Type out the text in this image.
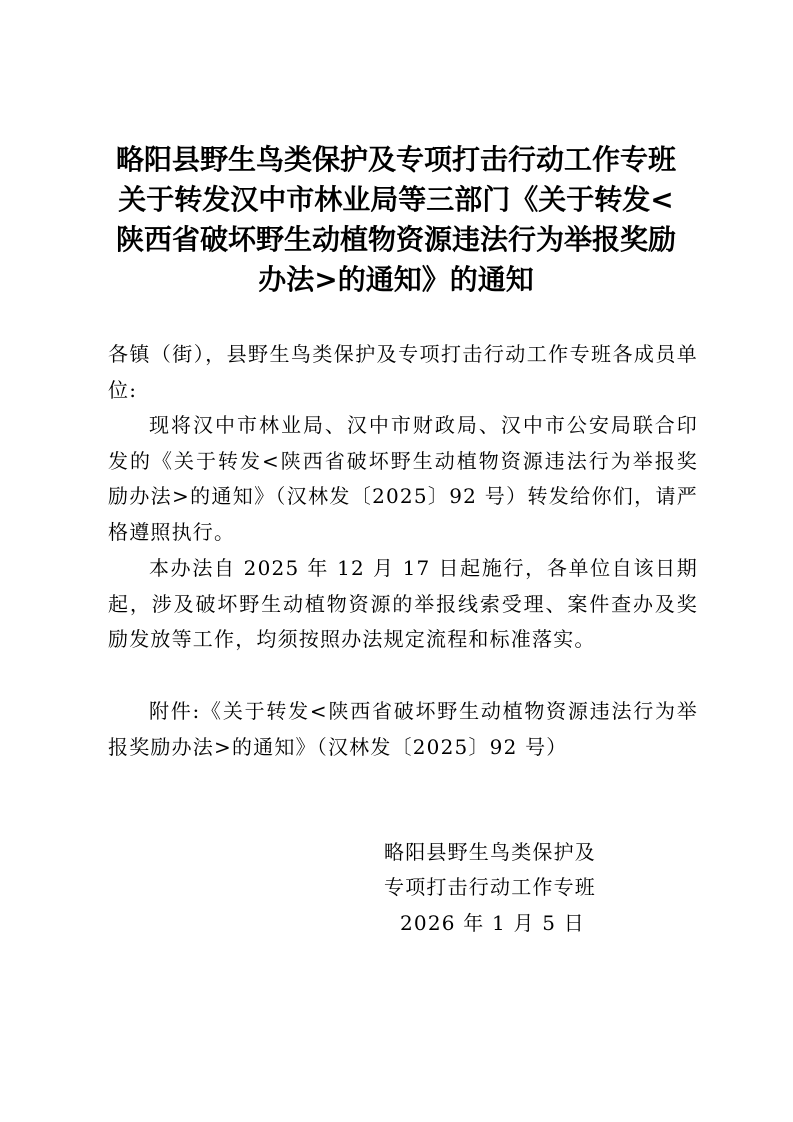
略阳县野生鸟类保护及专项打击行动工作专班
关于转发汉中市林业局等三部门《关于转发<
陕西省破坏野生动植物资源违法行为举报奖励
办法>的通知》的通知
各镇（街），县野生鸟类保护及专项打击行动工作专班各成员单位:
现将汉中市林业局、汉中市财政局、汉中市公安局联合印发的《关于转发<陕西省破坏野生动植物资源违法行为举报奖励办法>的通知》（汉林发〔2025〕92 号）转发给你们，请严格遵照执行。
本办法自 2025 年 12 月 17 日起施行，各单位自该日期起，涉及破坏野生动植物资源的举报线索受理、案件查办及奖励发放等工作，均须按照办法规定流程和标准落实。
附件:《关于转发<陕西省破坏野生动植物资源违法行为举报奖励办法>的通知》（汉林发〔2025〕92 号）
略阳县野生鸟类保护及
专项打击行动工作专班
2026 年 1 月 5 日
